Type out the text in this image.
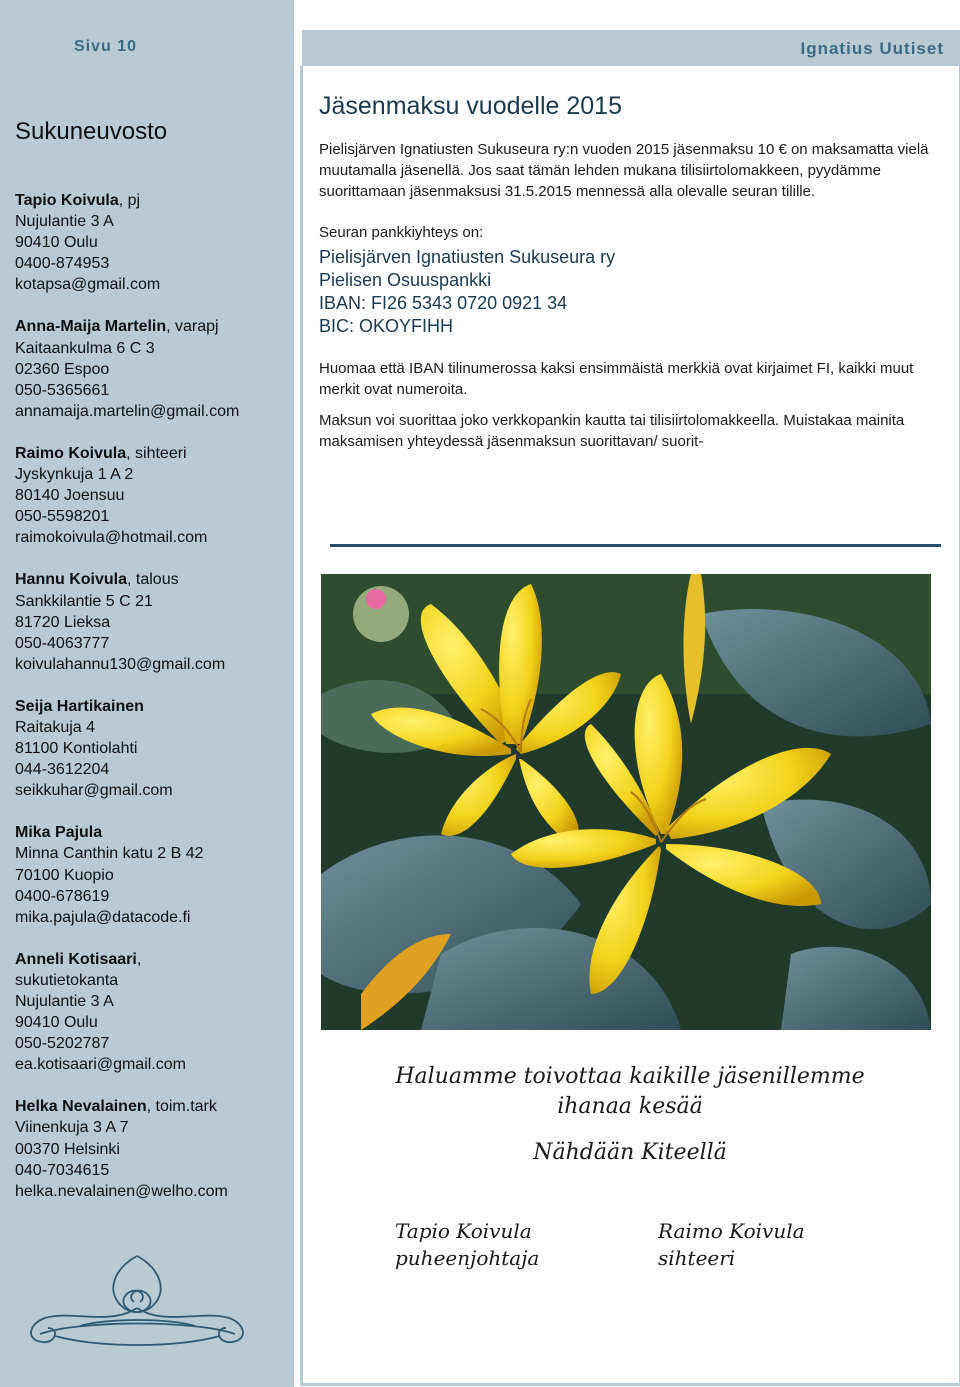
Sivu 10
Sukuneuvosto
Tapio Koivula, pj
Nujulantie 3 A
90410 Oulu
0400-874953
kotapsa@gmail.com
Anna-Maija Martelin, varapj
Kaitaankulma 6 C 3
02360 Espoo
050-5365661
annamaija.martelin@gmail.com
Raimo Koivula, sihteeri
Jyskynkuja 1 A 2
80140 Joensuu
050-5598201
raimokoivula@hotmail.com
Hannu Koivula, talous
Sankkilantie 5 C 21
81720 Lieksa
050-4063777
koivulahannu130@gmail.com
Seija Hartikainen
Raitakuja 4
81100 Kontiolahti
044-3612204
seikkuhar@gmail.com
Mika Pajula
Minna Canthin katu 2 B 42
70100 Kuopio
0400-678619
mika.pajula@datacode.fi
Anneli Kotisaari,
sukutietokanta
Nujulantie 3 A
90410 Oulu
050-5202787
ea.kotisaari@gmail.com
Helka Nevalainen, toim.tark
Viinenkuja 3 A 7
00370 Helsinki
040-7034615
helka.nevalainen@welho.com
Ignatius Uutiset
Jäsenmaksu vuodelle 2015

Pielisjärven Ignatiusten Sukuseura ry:n vuoden 2015 jäsenmaksu 10 € on maksamatta vielä muutamalla jäsenellä. Jos saat tämän lehden mukana tilisiirtolomakkeen, pyydämme suorittamaan jäsenmaksusi 31.5.2015 mennessä alla olevalle seuran tilille.

Seuran pankkiyhteys on:

Pielisjärven Ignatiusten Sukuseura ry
Pielisen Osuuspankki
IBAN: FI26 5343 0720 0921 34
BIC: OKOYFIHH

Huomaa että IBAN tilinumerossa kaksi ensimmäistä merkkiä ovat kirjaimet FI, kaikki muut merkit ovat numeroita.

Maksun voi suorittaa joko verkkopankin kautta tai tilisiirtolomakkeella. Muistakaa mainita maksamisen yhteydessä jäsenmaksun suorittavan/ suorit-

Haluamme toivottaa kaikille jäsenillemme
ihanaa kesää
Nähdään Kiteellä
Tapio Koivula
puheenjohtaja
Raimo Koivula
sihteeri
